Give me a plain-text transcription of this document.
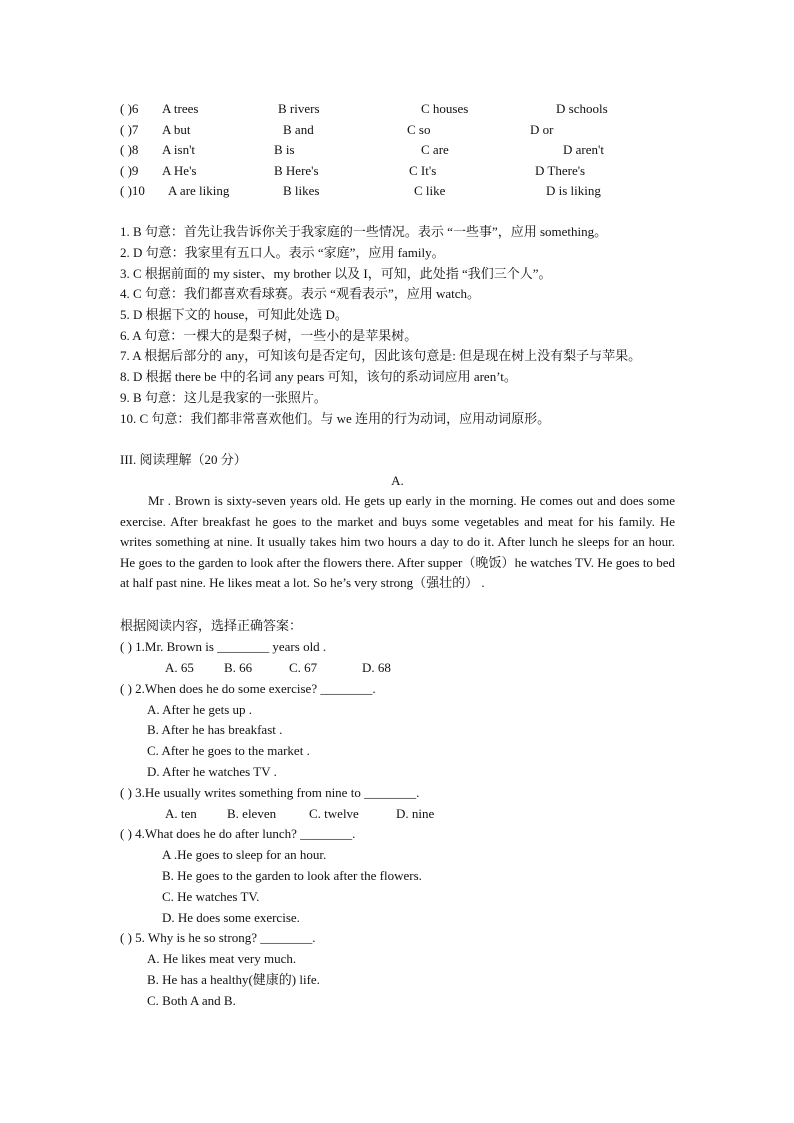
( )6 A trees	B rivers	C houses	D schools
( )7 A but	B and	C so	D or
( )8 A isn't	B is	C are	D aren't
( )9 A He's	B Here's	C It's	D There's
( )10 A are liking	B likes	C like	D is liking
1. B 句意：首先让我告诉你关于我家庭的一些情况。表示 “一些事”，应用 something。
2. D 句意：我家里有五口人。表示 “家庭”，应用 family。
3. C 根据前面的 my sister、my brother 以及 I，可知，此处指 “我们三个人”。
4. C 句意：我们都喜欢看球赛。表示 “观看表示”，应用 watch。
5. D 根据下文的 house，可知此处选 D。
6. A 句意：一棵大的是梨子树，一些小的是苹果树。
7. A 根据后部分的 any，可知该句是否定句，因此该句意是: 但是现在树上没有梨子与苹果。
8. D 根据 there be 中的名词 any pears 可知，该句的系动词应用 aren’t。
9. B 句意：这儿是我家的一张照片。
10. C 句意：我们都非常喜欢他们。与 we 连用的行为动词，应用动词原形。
III. 阅读理解（20 分）
A.
Mr . Brown is sixty-seven years old. He gets up early in the morning. He comes out and does some exercise. After breakfast he goes to the market and buys some vegetables and meat for his family. He writes something at nine. It usually takes him two hours a day to do it. After lunch he sleeps for an hour. He goes to the garden to look after the flowers there. After supper（晚饭）he watches TV. He goes to bed at half past nine. He likes meat a lot. So he’s very strong（强壮的） .
根据阅读内容，选择正确答案：
( ) 1.Mr. Brown is ________ years old .
A. 65 B. 66	C. 67	D. 68
( ) 2.When does he do some exercise? ________.
A. After he gets up .
B. After he has breakfast .
C. After he goes to the market .
D. After he watches TV .
( ) 3.He usually writes something from nine to ________.
A. ten B. eleven	C. twelve	D. nine
( ) 4.What does he do after lunch? ________.
A .He goes to sleep for an hour.
B. He goes to the garden to look after the flowers.
C. He watches TV.
D. He does some exercise.
( ) 5. Why is he so strong? ________.
A. He likes meat very much.
B. He has a healthy(健康的) life.
C. Both A and B.
